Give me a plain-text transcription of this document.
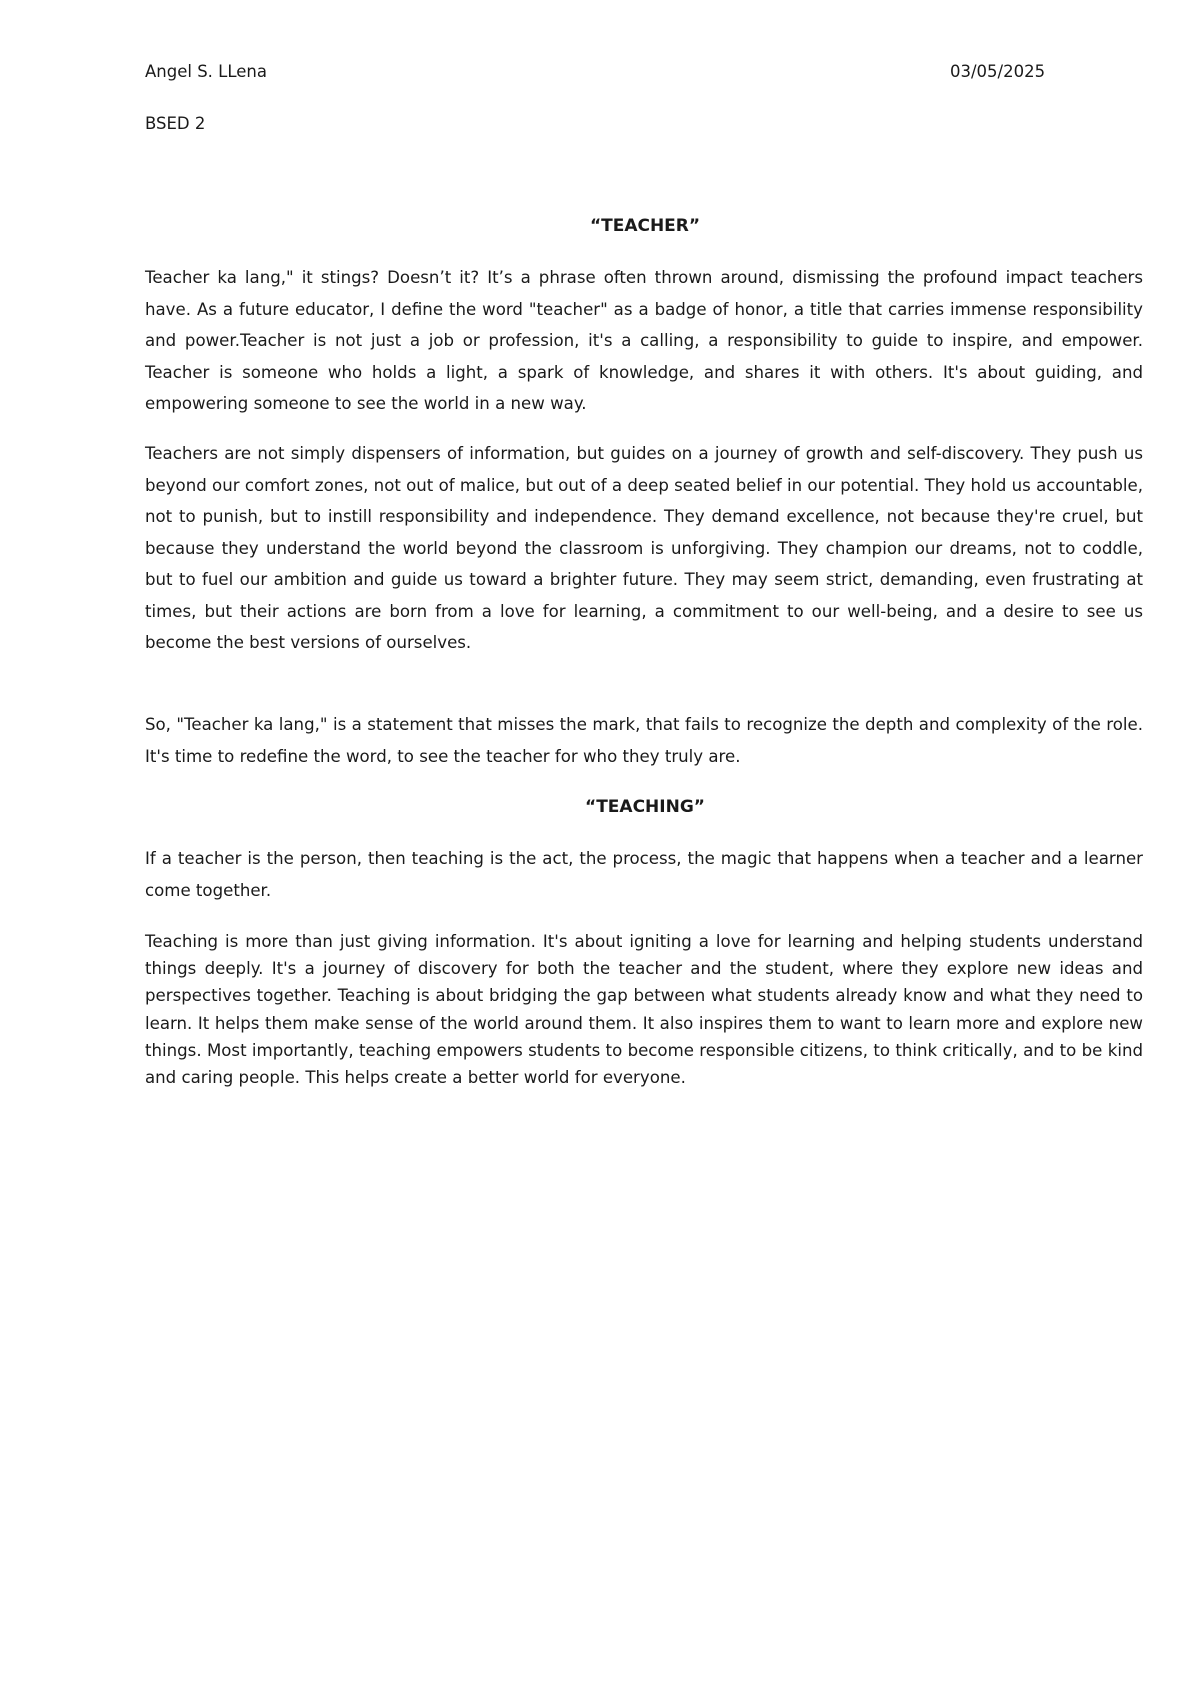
Angel S. LLena	03/05/2025
BSED 2
“TEACHER”

Teacher ka lang," it stings? Doesn’t it? It’s a phrase often thrown around, dismissing the profound impact teachers have. As a future educator, I define the word "teacher" as a badge of honor, a title that carries immense responsibility and power.Teacher is not just a job or profession, it's a calling, a responsibility to guide to inspire, and empower. Teacher is someone who holds a light, a spark of knowledge, and shares it with others. It's about guiding, and empowering someone to see the world in a new way.

Teachers are not simply dispensers of information, but guides on a journey of growth and self-discovery. They push us beyond our comfort zones, not out of malice, but out of a deep seated belief in our potential. They hold us accountable, not to punish, but to instill responsibility and independence. They demand excellence, not because they're cruel, but because they understand the world beyond the classroom is unforgiving. They champion our dreams, not to coddle, but to fuel our ambition and guide us toward a brighter future. They may seem strict, demanding, even frustrating at times, but their actions are born from a love for learning, a commitment to our well-being, and a desire to see us become the best versions of ourselves.

So, "Teacher ka lang," is a statement that misses the mark, that fails to recognize the depth and complexity of the role. It's time to redefine the word, to see the teacher for who they truly are.

“TEACHING”

If a teacher is the person, then teaching is the act, the process, the magic that happens when a teacher and a learner come together.

Teaching is more than just giving information. It's about igniting a love for learning and helping students understand things deeply. It's a journey of discovery for both the teacher and the student, where they explore new ideas and perspectives together. Teaching is about bridging the gap between what students already know and what they need to learn. It helps them make sense of the world around them. It also inspires them to want to learn more and explore new things. Most importantly, teaching empowers students to become responsible citizens, to think critically, and to be kind and caring people. This helps create a better world for everyone.
